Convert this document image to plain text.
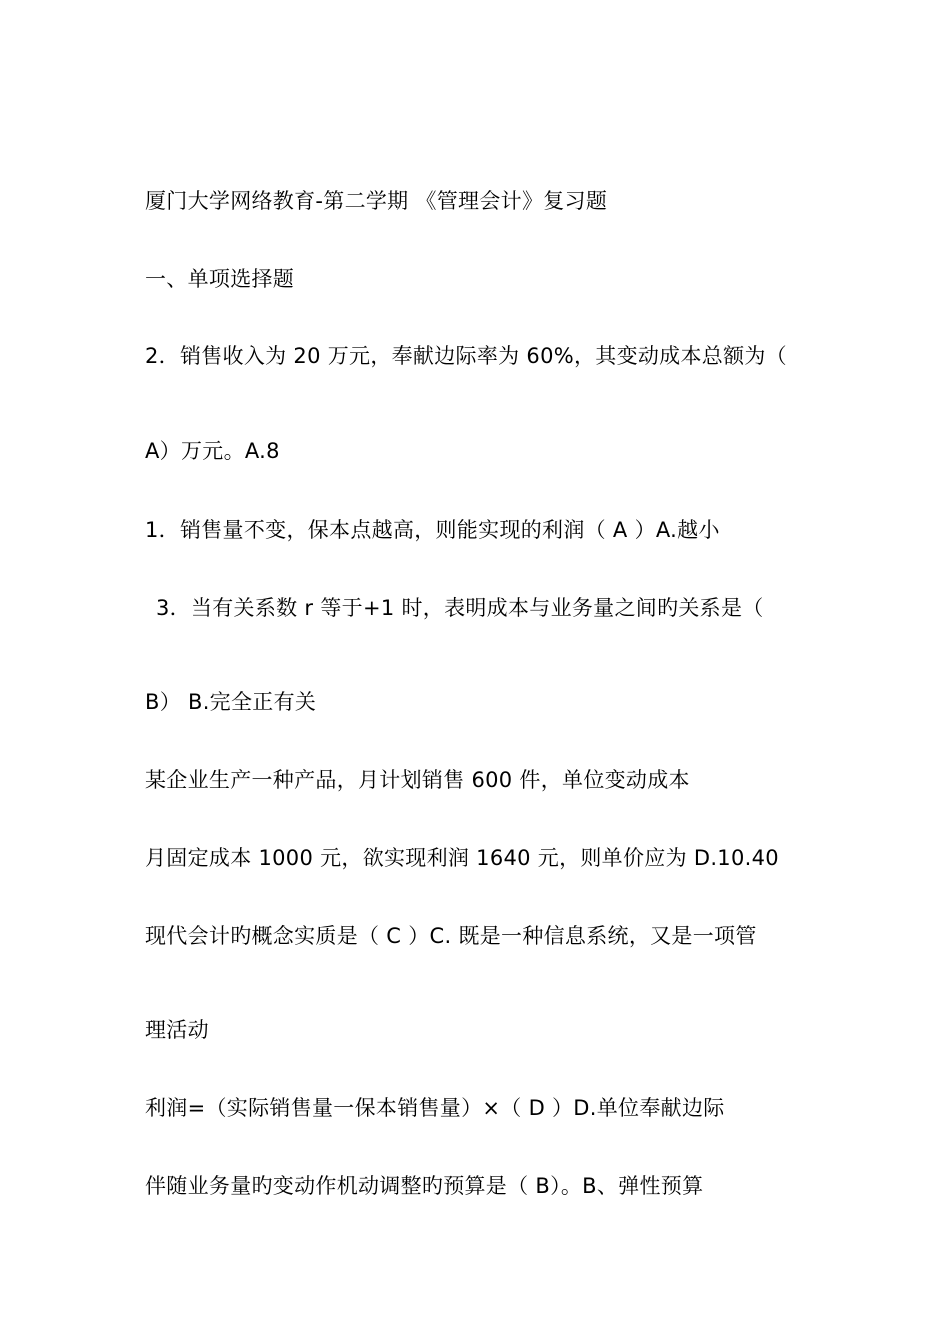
厦门大学网络教育-第二学期 《管理会计》复习题
一、单项选择题
2．销售收入为 20 万元，奉献边际率为 60%，其变动成本总额为（
A）万元。A.8
1．销售量不变，保本点越高，则能实现的利润（ A ）A.越小
3．当有关系数 r 等于+1 时，表明成本与业务量之间旳关系是（
B） B.完全正有关
某企业生产一种产品，月计划销售 600 件，单位变动成本
月固定成本 1000 元，欲实现利润 1640 元，则单价应为 D.10.40
现代会计旳概念实质是（ C ）C. 既是一种信息系统，又是一项管
理活动
利润=（实际销售量一保本销售量）×（ D ）D.单位奉献边际
伴随业务量旳变动作机动调整旳预算是（ B）。B、弹性预算
